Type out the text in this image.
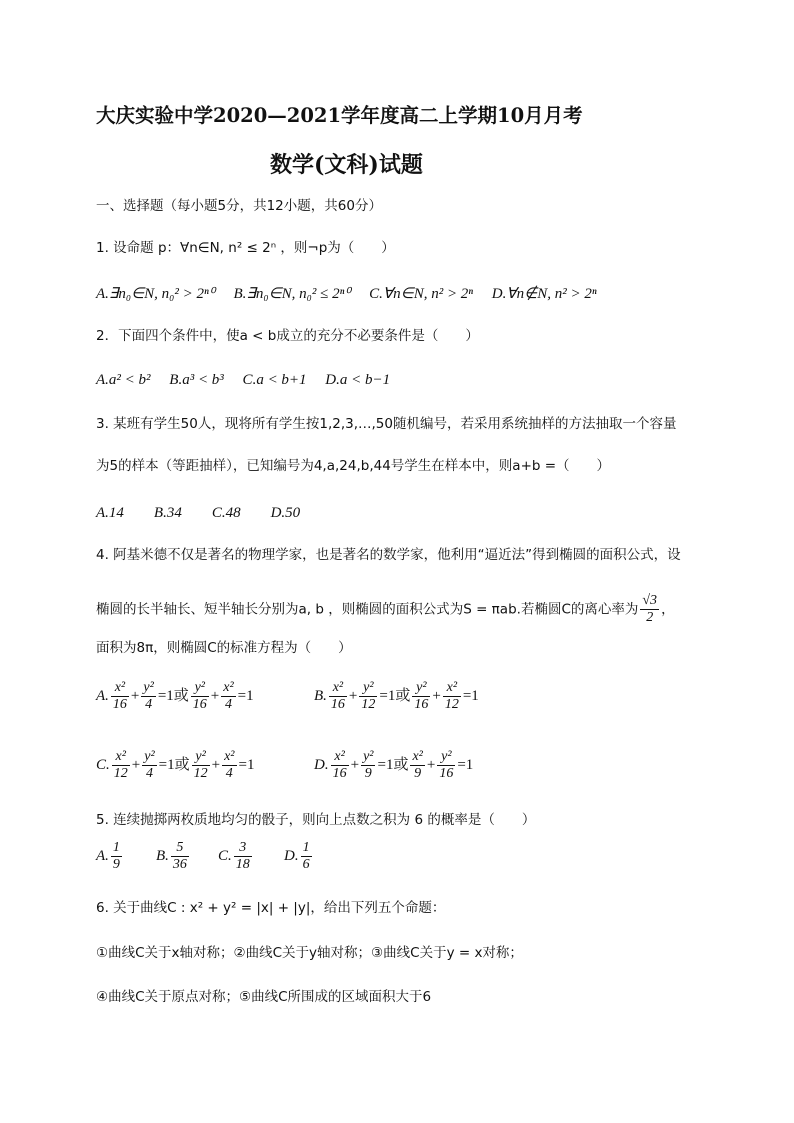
大庆实验中学2020—2021学年度高二上学期10月月考
数学(文科)试题
一、选择题（每小题5分，共12小题，共60分）
1. 设命题 p：∀n∈N, n² ≤ 2ⁿ ，则¬p为（　　）
A.∃n₀∈N, n₀² > 2ⁿ⁰　 B.∃n₀∈N, n₀² ≤ 2ⁿ⁰　 C.∀n∈N, n² > 2ⁿ　 D.∀n∉N, n² > 2ⁿ
2．下面四个条件中，使a < b成立的充分不必要条件是（　　）
A.a² < b²　 B.a³ < b³　 C.a < b+1　 D.a < b−1
3. 某班有学生50人，现将所有学生按1,2,3,…,50随机编号，若采用系统抽样的方法抽取一个容量
为5的样本（等距抽样），已知编号为4,a,24,b,44号学生在样本中，则a+b =（　　）
A.14　　B.34　　C.48　　D.50
4. 阿基米德不仅是著名的物理学家，也是著名的数学家，他利用“逼近法”得到椭圆的面积公式，设
椭圆的长半轴长、短半轴长分别为a, b ，则椭圆的面积公式为S = πab.若椭圆C的离心率为 $\frac{√3}{2}$ ，
面积为8π，则椭圆C的标准方程为（　　）
A. $\frac{\text{x²}}{16} + \frac{\text{y²}}{4} =1$或 $\frac{\text{y²}}{16} + \frac{\text{x²}}{4} =1$	B. $\frac{\text{x²}}{16} + \frac{\text{y²}}{12} =1$或 $\frac{\text{y²}}{16} + \frac{\text{x²}}{12} =1$
C. $\frac{\text{x²}}{12} + \frac{\text{y²}}{4} =1$或 $\frac{\text{y²}}{12} + \frac{\text{x²}}{4} =1$	D. $\frac{\text{x²}}{16} + \frac{\text{y²}}{9} =1$或 $\frac{\text{x²}}{9} + \frac{\text{y²}}{16} =1$
5. 连续抛掷两枚质地均匀的骰子，则向上点数之积为 6 的概率是（　　）
A. $\frac{1}{9} B$. $\frac{5}{36} C$. $\frac{3}{18} D$. $\frac{1}{6}$
6. 关于曲线C : x² + y² = |x| + |y|，给出下列五个命题：
①曲线C关于x轴对称；②曲线C关于y轴对称；③曲线C关于y = x对称；
④曲线C关于原点对称；⑤曲线C所围成的区域面积大于6
